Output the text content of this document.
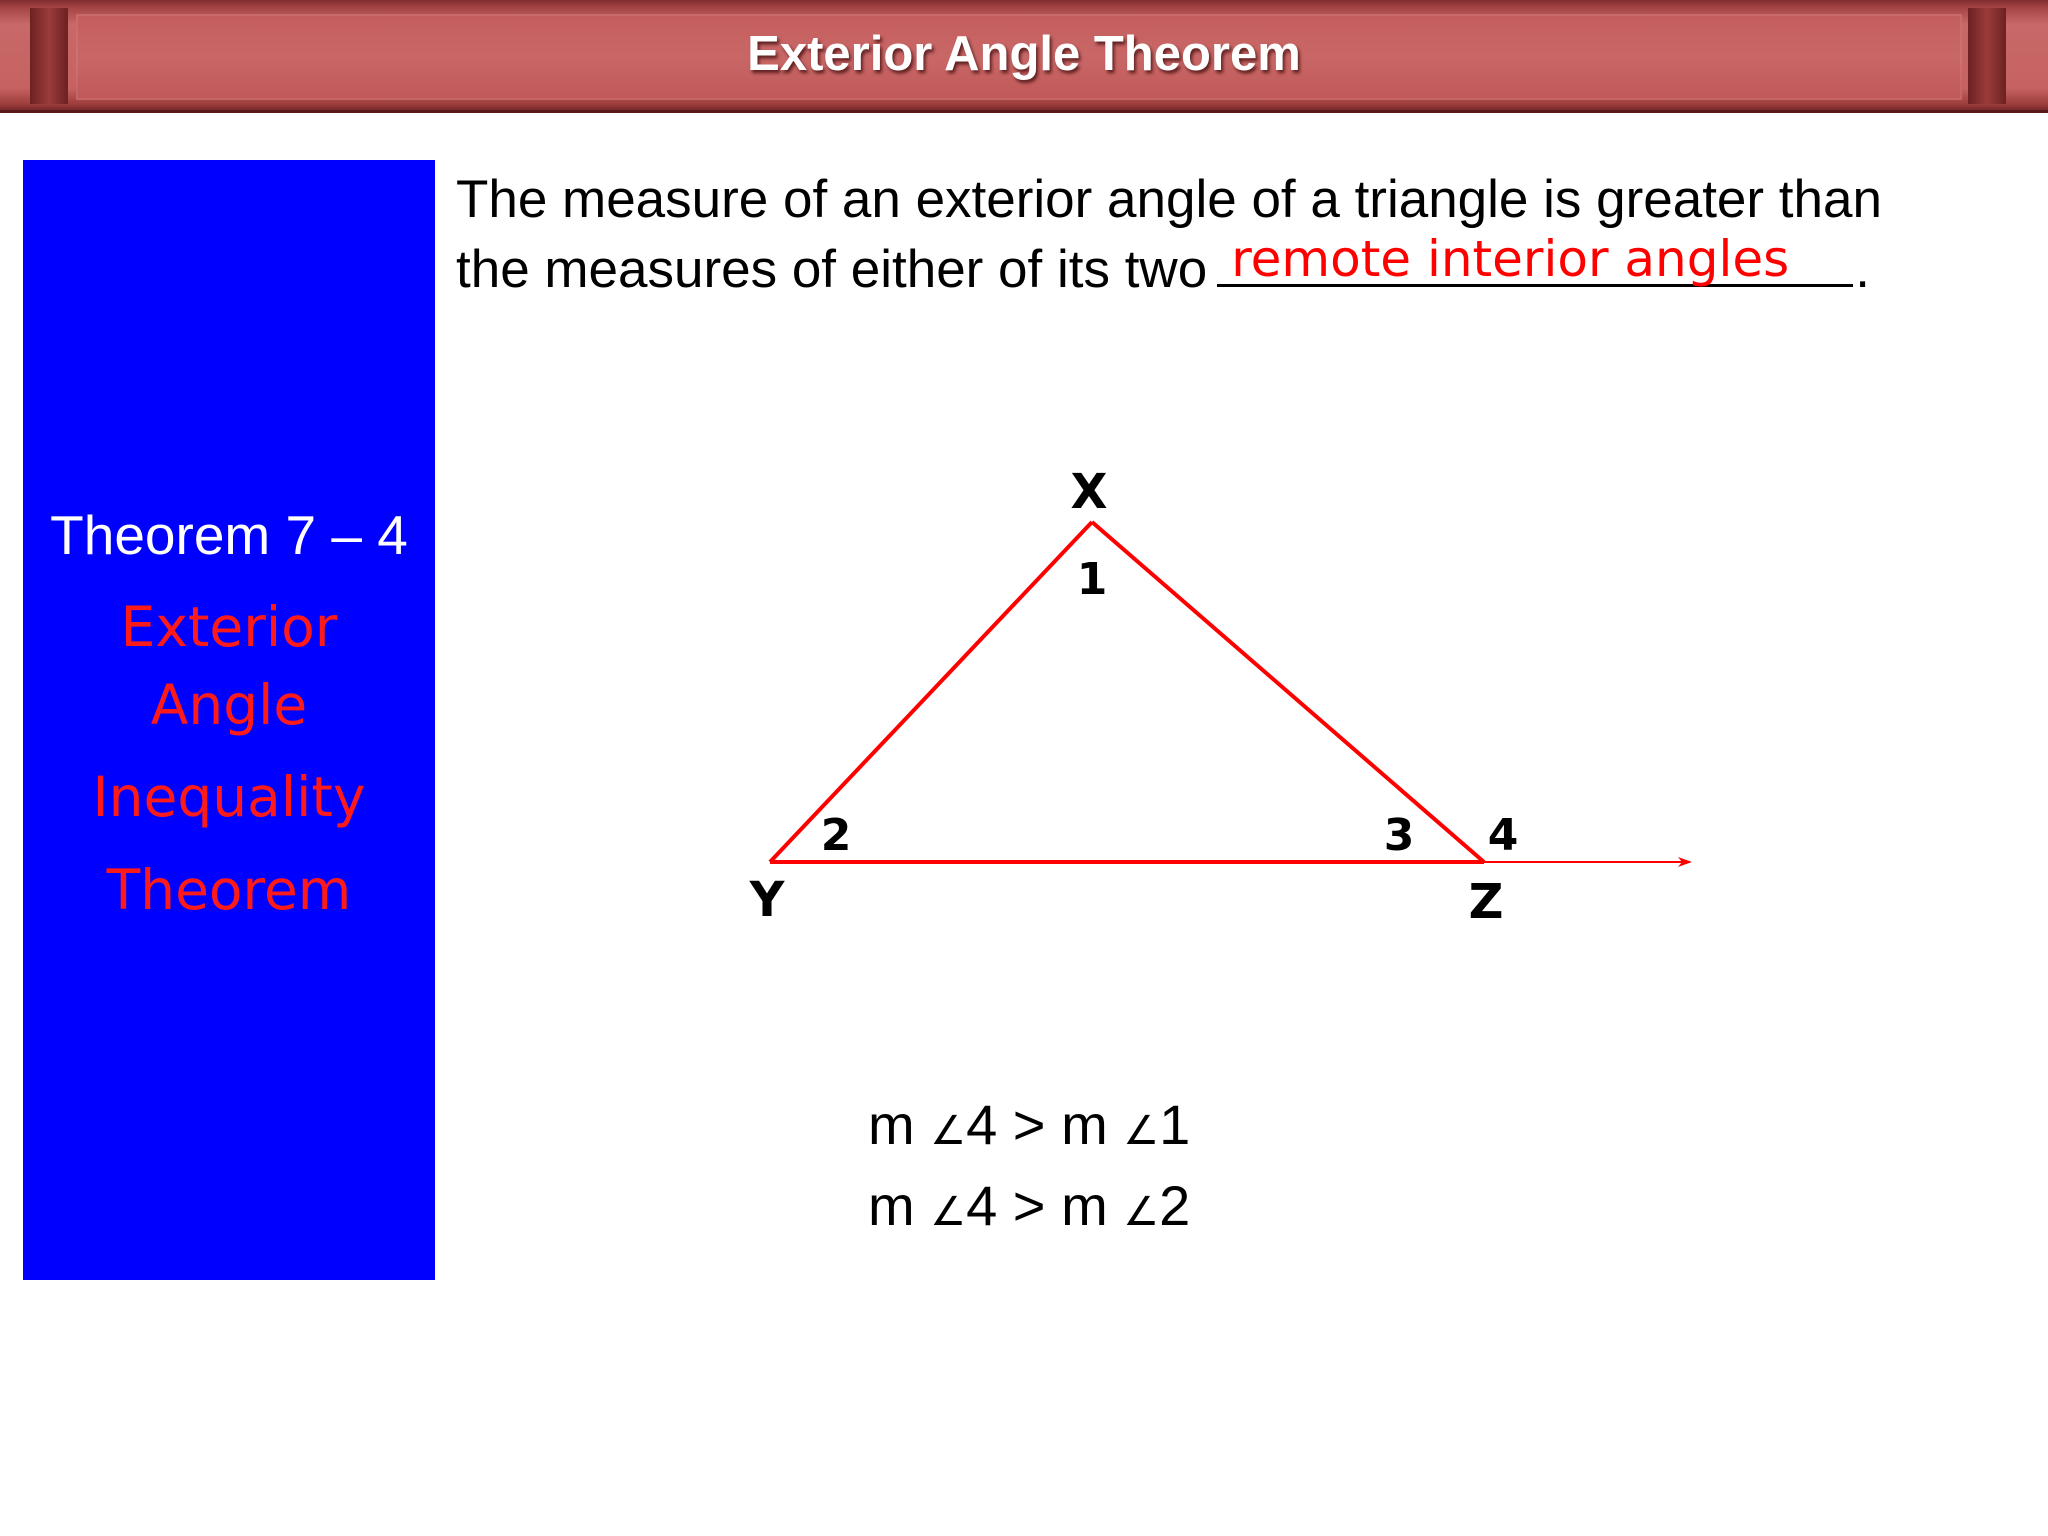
Exterior Angle Theorem
Theorem 7 – 4
Exterior
Angle
Inequality
Theorem
The measure of an exterior angle of a triangle is greater than
the measures of either of its two remote interior angles .
X
Y	Z
1
2	3 4
m ∠4 > m ∠1
m ∠4 > m ∠2
